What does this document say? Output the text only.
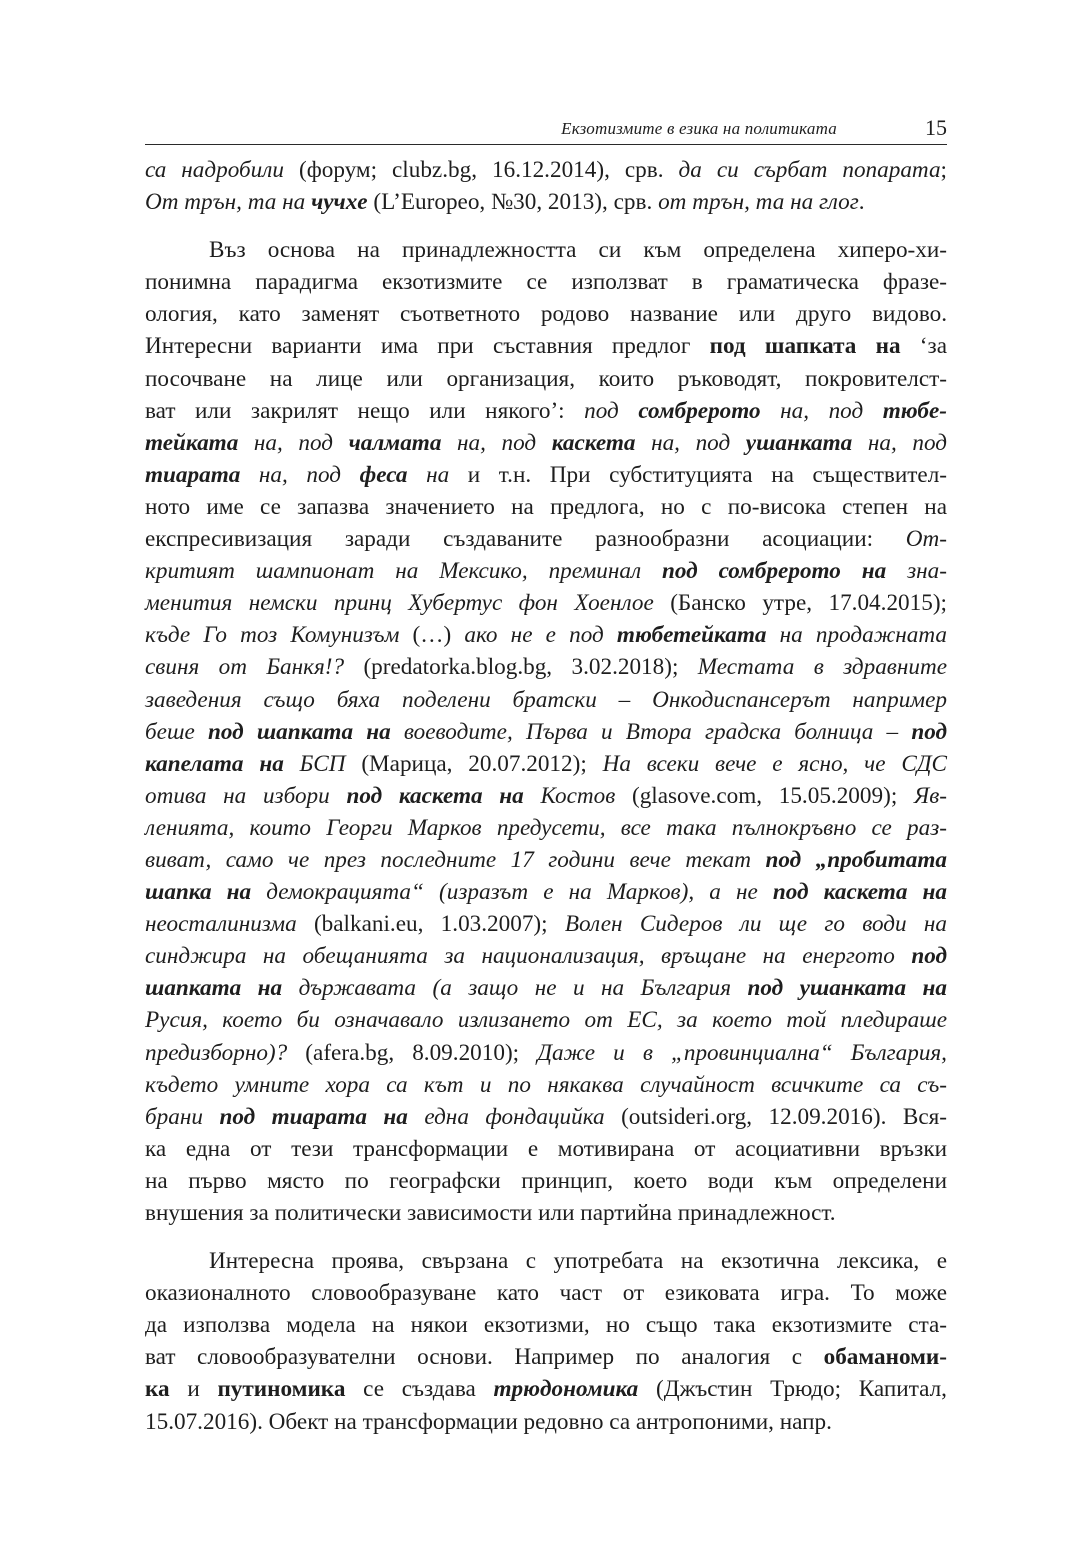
Екзотизмите в езика на политиката	15
са надробили (форум; clubz.bg, 16.12.2014), срв. да си сърбат попарата;
От трън, та на чучхе (L’Europeo, №30, 2013), срв. от трън, та на глог.
Въз основа на принадлежността си към определена хиперо-хи-
понимна парадигма екзотизмите се използват в граматическа фразе-
ология, като заменят съответното родово название или друго видово.
Интересни варианти има при съставния предлог под шапката на ‘за
посочване на лице или организация, които ръководят, покровителст-
ват или закрилят нещо или някого’: под сомбрерото на, под тюбе-
тейката на, под чалмата на, под каскета на, под ушанката на, под
тиарата на, под феса на и т.н. При субституцията на съществител-
ното име се запазва значението на предлога, но с по-висока степен на
експресивизация заради създаваните разнообразни асоциации: От-
критият шампионат на Мексико, преминал под сомбрерото на зна-
менития немски принц Хубертус фон Хоенлое (Банско утре, 17.04.2015);
къде Го тоз Комунизъм (…) ако не е под тюбетейката на продажната
свиня от Банкя!? (predatorka.blog.bg, 3.02.2018); Местата в здравните
заведения също бяха поделени братски – Онкодиспансерът например
беше под шапката на воеводите, Първа и Втора градска болница – под
капелата на БСП (Марица, 20.07.2012); На всеки вече е ясно, че СДС
отива на избори под каскета на Костов (glasove.com, 15.05.2009); Яв-
ленията, които Георги Марков предусети, все така пълнокръвно се раз-
виват, само че през последните 17 години вече текат под „пробитата
шапка на демокрацията“ (изразът е на Марков), а не под каскета на
неосталинизма (balkani.eu, 1.03.2007); Волен Сидеров ли ще го води на
синджира на обещанията за национализация, връщане на енергото под
шапката на държавата (а защо не и на България под ушанката на
Русия, което би означавало излизането от ЕС, за което той пледираше
предизборно)? (afera.bg, 8.09.2010); Даже и в „провинциална“ България,
където умните хора са кът и по някаква случайност всичките са съ-
брани под тиарата на една фондацийка (outsideri.org, 12.09.2016). Вся-
ка една от тези трансформации е мотивирана от асоциативни връзки
на първо място по географски принцип, което води към определени
внушения за политически зависимости или партийна принадлежност.
Интересна проява, свързана с употребата на екзотична лексика, е
оказионалното словообразуване като част от езиковата игра. То може
да използва модела на някои екзотизми, но също така екзотизмите ста-
ват словообразувателни основи. Например по аналогия с обаманоми-
ка и путиномика се създава трюдономика (Джъстин Трюдо; Капитал,
15.07.2016). Обект на трансформации редовно са антропоними, напр.
